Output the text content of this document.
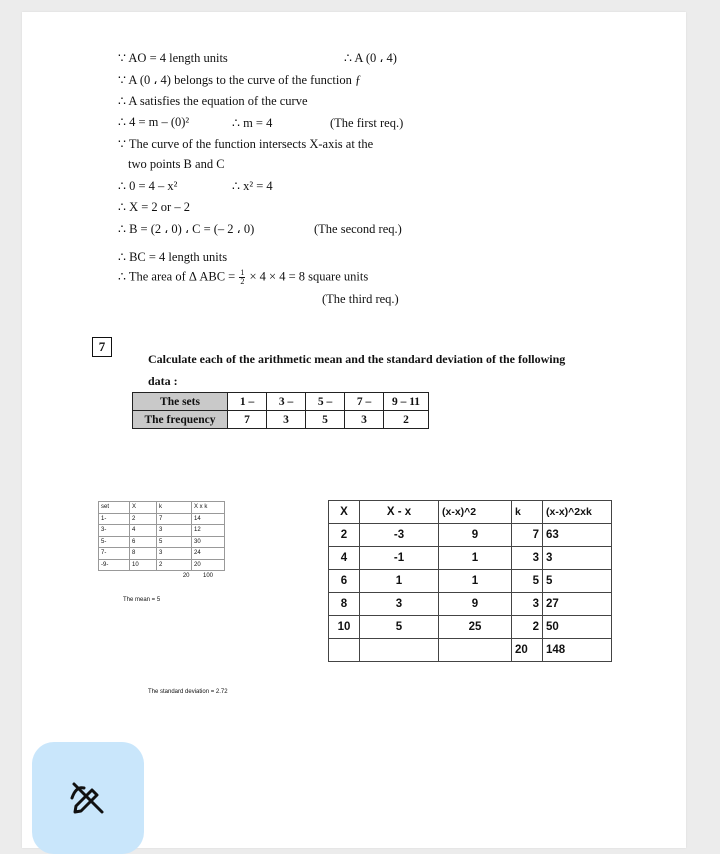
∵ AO = 4 length units	∴ A (0 ، 4)
∵ A (0 ، 4) belongs to the curve of the function ƒ
∴ A satisfies the equation of the curve
∴ 4 = m – (0)²	∴ m = 4	(The first req.)
∵ The curve of the function intersects X-axis at the
two points B and C
∴ 0 = 4 – x²	∴ x² = 4
∴ X = 2 or – 2
∴ B = (2 ، 0) ، C = (– 2 ، 0)	(The second req.)
∴ BC = 4 length units
∴ The area of Δ ABC = $\frac{1}{2} \times 4 \times 4 = 8$ square units
(The third req.)
7
Calculate each of the arithmetic mean and the standard deviation of the following
data :
The sets	1 –	3 –	5 –	7 –	9 – 11
The frequency	7	3	5	3	2
set	X	k	X x k
1-	2	7	14
3-	4	3	12
5-	6	5	30
7-	8	3	24
-9-	10	2	20
		20	100
The mean = 5
The standard deviation = 2.72
X	X - x	(x-x)^2	k	(x-x)^2xk
2	-3	9	7	63
4	-1	1	3	3
6	1	1	5	5
8	3	9	3	27
10	5	25	2	50
			20	148
